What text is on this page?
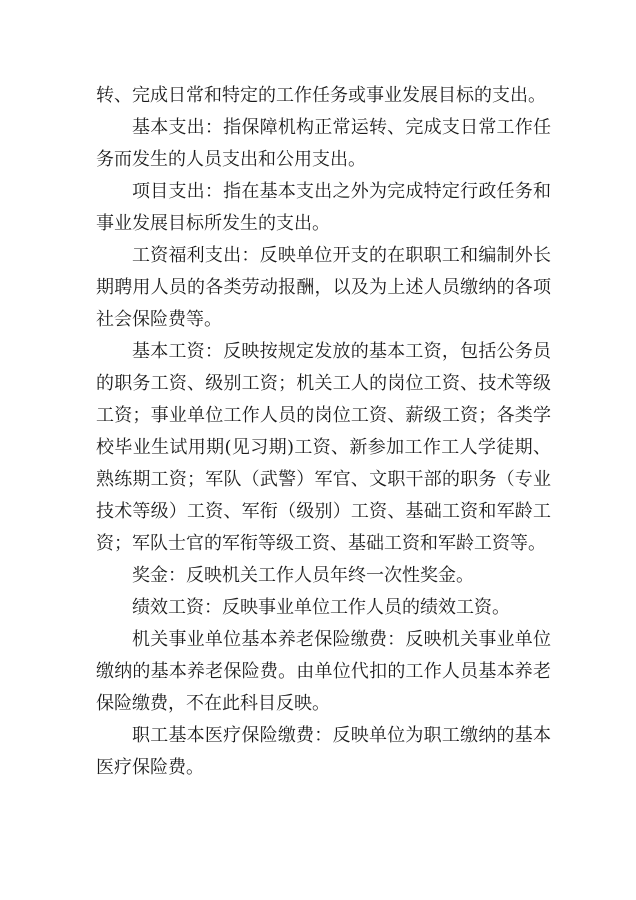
转、完成日常和特定的工作任务或事业发展目标的支出。

基本支出：指保障机构正常运转、完成支日常工作任务而发生的人员支出和公用支出。

项目支出：指在基本支出之外为完成特定行政任务和事业发展目标所发生的支出。

工资福利支出：反映单位开支的在职职工和编制外长期聘用人员的各类劳动报酬，以及为上述人员缴纳的各项社会保险费等。

基本工资：反映按规定发放的基本工资，包括公务员的职务工资、级别工资；机关工人的岗位工资、技术等级工资；事业单位工作人员的岗位工资、薪级工资；各类学校毕业生试用期(见习期)工资、新参加工作工人学徒期、熟练期工资；军队（武警）军官、文职干部的职务（专业技术等级）工资、军衔（级别）工资、基础工资和军龄工资；军队士官的军衔等级工资、基础工资和军龄工资等。

奖金：反映机关工作人员年终一次性奖金。

绩效工资：反映事业单位工作人员的绩效工资。

机关事业单位基本养老保险缴费：反映机关事业单位缴纳的基本养老保险费。由单位代扣的工作人员基本养老保险缴费，不在此科目反映。

职工基本医疗保险缴费：反映单位为职工缴纳的基本医疗保险费。
